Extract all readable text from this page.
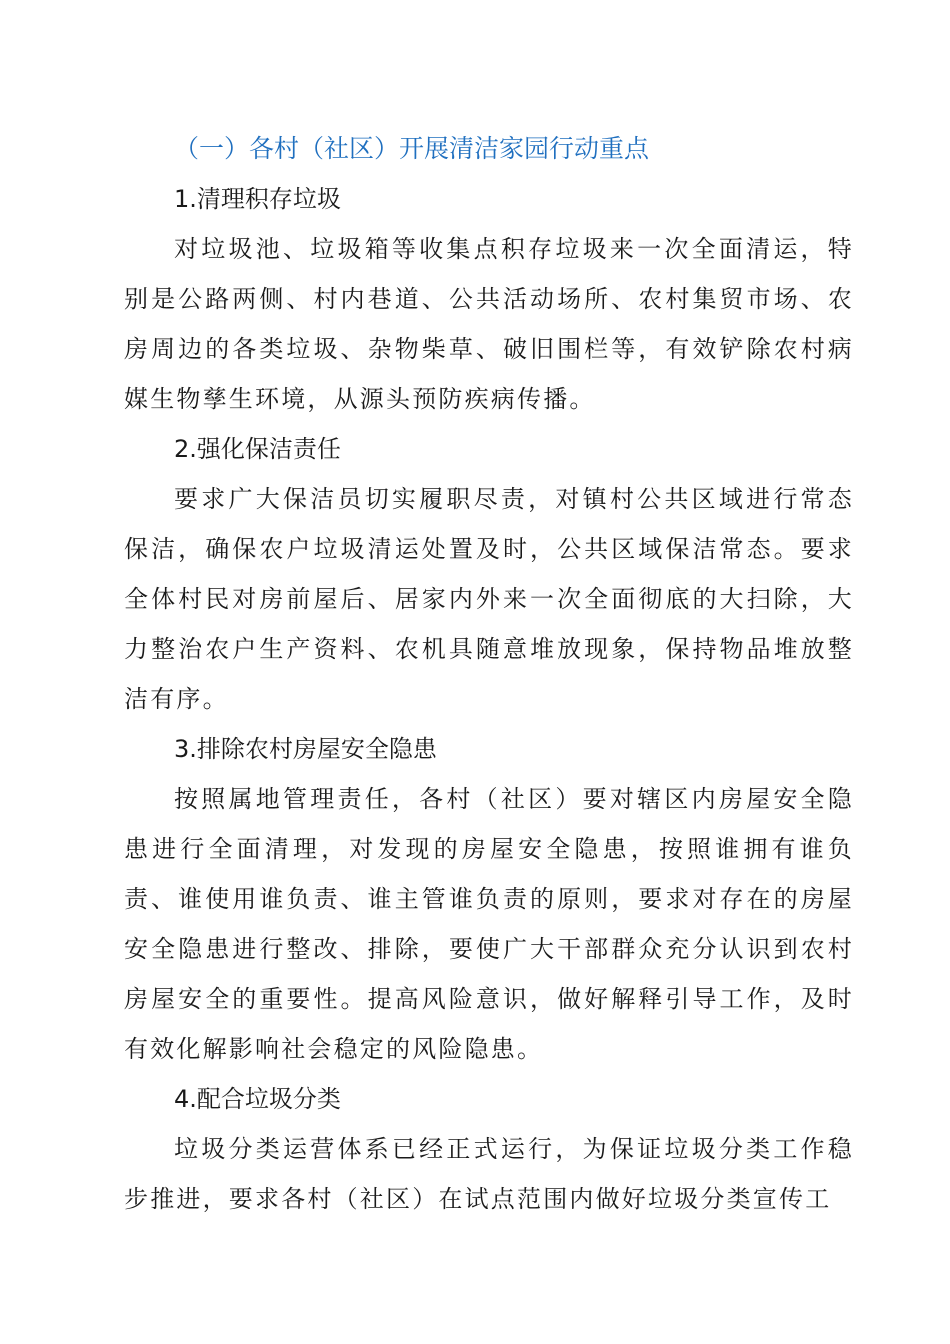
（一）各村（社区）开展清洁家园行动重点
1.清理积存垃圾

对垃圾池、垃圾箱等收集点积存垃圾来一次全面清运，特别是公路两侧、村内巷道、公共活动场所、农村集贸市场、农房周边的各类垃圾、杂物柴草、破旧围栏等，有效铲除农村病媒生物孳生环境，从源头预防疾病传播。

2.强化保洁责任

要求广大保洁员切实履职尽责，对镇村公共区域进行常态保洁，确保农户垃圾清运处置及时，公共区域保洁常态。要求全体村民对房前屋后、居家内外来一次全面彻底的大扫除，大力整治农户生产资料、农机具随意堆放现象，保持物品堆放整洁有序。

3.排除农村房屋安全隐患

按照属地管理责任，各村（社区）要对辖区内房屋安全隐患进行全面清理，对发现的房屋安全隐患，按照谁拥有谁负责、谁使用谁负责、谁主管谁负责的原则，要求对存在的房屋安全隐患进行整改、排除，要使广大干部群众充分认识到农村房屋安全的重要性。提高风险意识，做好解释引导工作，及时有效化解影响社会稳定的风险隐患。

4.配合垃圾分类

垃圾分类运营体系已经正式运行，为保证垃圾分类工作稳步推进，要求各村（社区）在试点范围内做好垃圾分类宣传工
